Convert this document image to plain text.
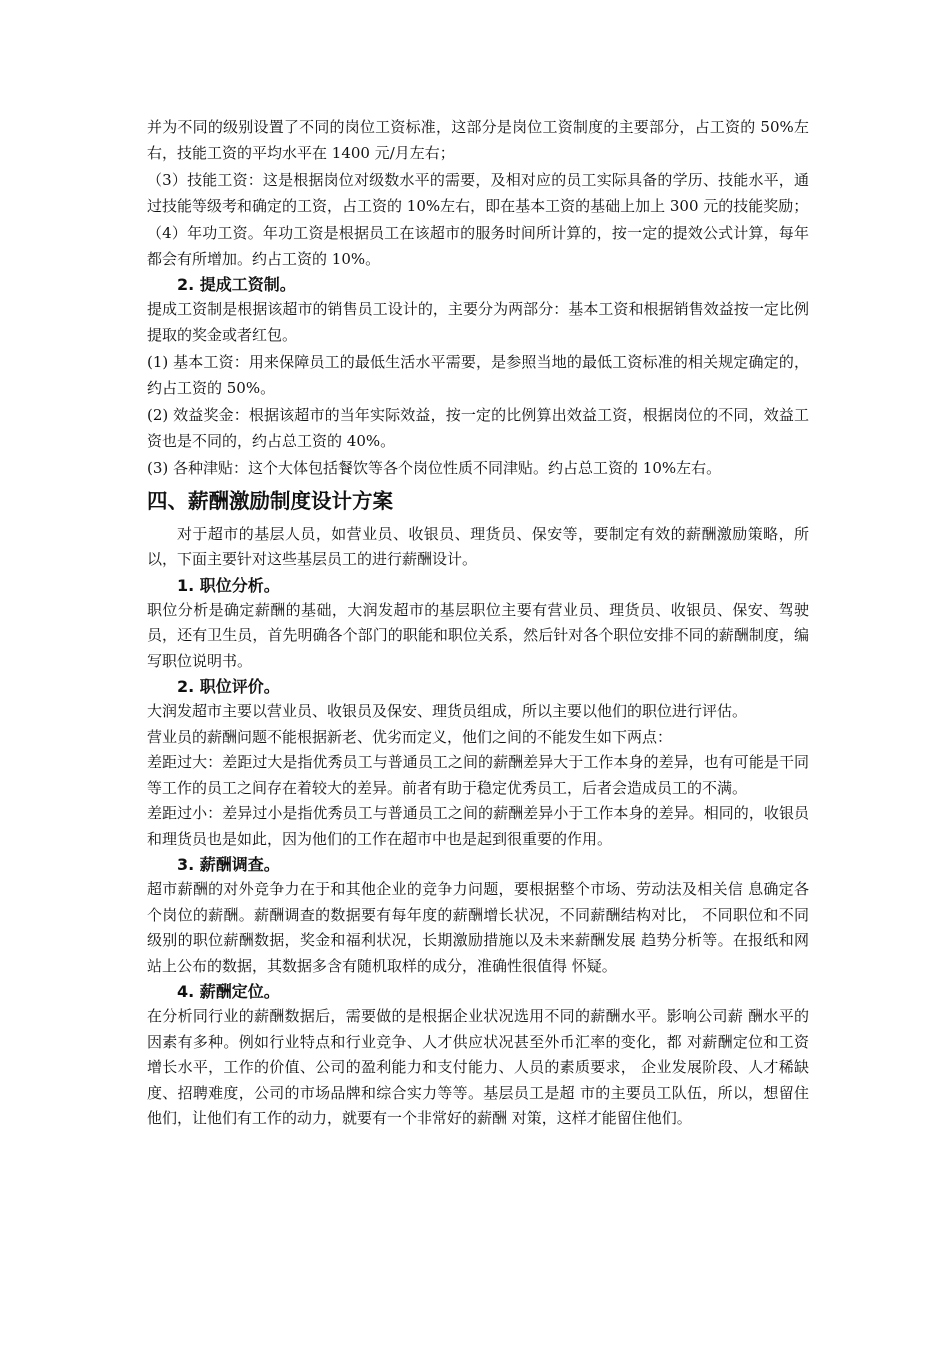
并为不同的级别设置了不同的岗位工资标准，这部分是岗位工资制度的主要部分，占工资的 50%左右，技能工资的平均水平在 1400 元/月左右；

（3）技能工资：这是根据岗位对级数水平的需要，及相对应的员工实际具备的学历、技能水平，通过技能等级考和确定的工资，占工资的 10%左右，即在基本工资的基础上加上 300 元的技能奖励；

（4）年功工资。年功工资是根据员工在该超市的服务时间所计算的，按一定的提效公式计算，每年都会有所增加。约占工资的 10%。

2. 提成工资制。

提成工资制是根据该超市的销售员工设计的，主要分为两部分：基本工资和根据销售效益按一定比例提取的奖金或者红包。

(1) 基本工资：用来保障员工的最低生活水平需要，是参照当地的最低工资标准的相关规定确定的，约占工资的 50%。

(2) 效益奖金：根据该超市的当年实际效益，按一定的比例算出效益工资，根据岗位的不同，效益工资也是不同的，约占总工资的 40%。

(3) 各种津贴：这个大体包括餐饮等各个岗位性质不同津贴。约占总工资的 10%左右。

四、薪酬激励制度设计方案

对于超市的基层人员，如营业员、收银员、理货员、保安等，要制定有效的薪酬激励策略，所以，下面主要针对这些基层员工的进行薪酬设计。

1. 职位分析。

职位分析是确定薪酬的基础，大润发超市的基层职位主要有营业员、理货员、收银员、保安、驾驶员，还有卫生员，首先明确各个部门的职能和职位关系，然后针对各个职位安排不同的薪酬制度，编写职位说明书。

2. 职位评价。

大润发超市主要以营业员、收银员及保安、理货员组成，所以主要以他们的职位进行评估。

营业员的薪酬问题不能根据新老、优劣而定义，他们之间的不能发生如下两点：

差距过大：差距过大是指优秀员工与普通员工之间的薪酬差异大于工作本身的差异，也有可能是干同等工作的员工之间存在着较大的差异。前者有助于稳定优秀员工，后者会造成员工的不满。

差距过小：差异过小是指优秀员工与普通员工之间的薪酬差异小于工作本身的差异。相同的，收银员和理货员也是如此，因为他们的工作在超市中也是起到很重要的作用。

3. 薪酬调查。

超市薪酬的对外竞争力在于和其他企业的竞争力问题，要根据整个市场、劳动法及相关信 息确定各个岗位的薪酬。薪酬调查的数据要有每年度的薪酬增长状况，不同薪酬结构对比， 不同职位和不同级别的职位薪酬数据，奖金和福利状况，长期激励措施以及未来薪酬发展 趋势分析等。在报纸和网站上公布的数据，其数据多含有随机取样的成分，准确性很值得 怀疑。

4. 薪酬定位。

在分析同行业的薪酬数据后，需要做的是根据企业状况选用不同的薪酬水平。影响公司薪 酬水平的因素有多种。例如行业特点和行业竞争、人才供应状况甚至外币汇率的变化，都 对薪酬定位和工资增长水平，工作的价值、公司的盈利能力和支付能力、人员的素质要求， 企业发展阶段、人才稀缺度、招聘难度，公司的市场品牌和综合实力等等。基层员工是超 市的主要员工队伍，所以，想留住他们，让他们有工作的动力，就要有一个非常好的薪酬 对策，这样才能留住他们。
